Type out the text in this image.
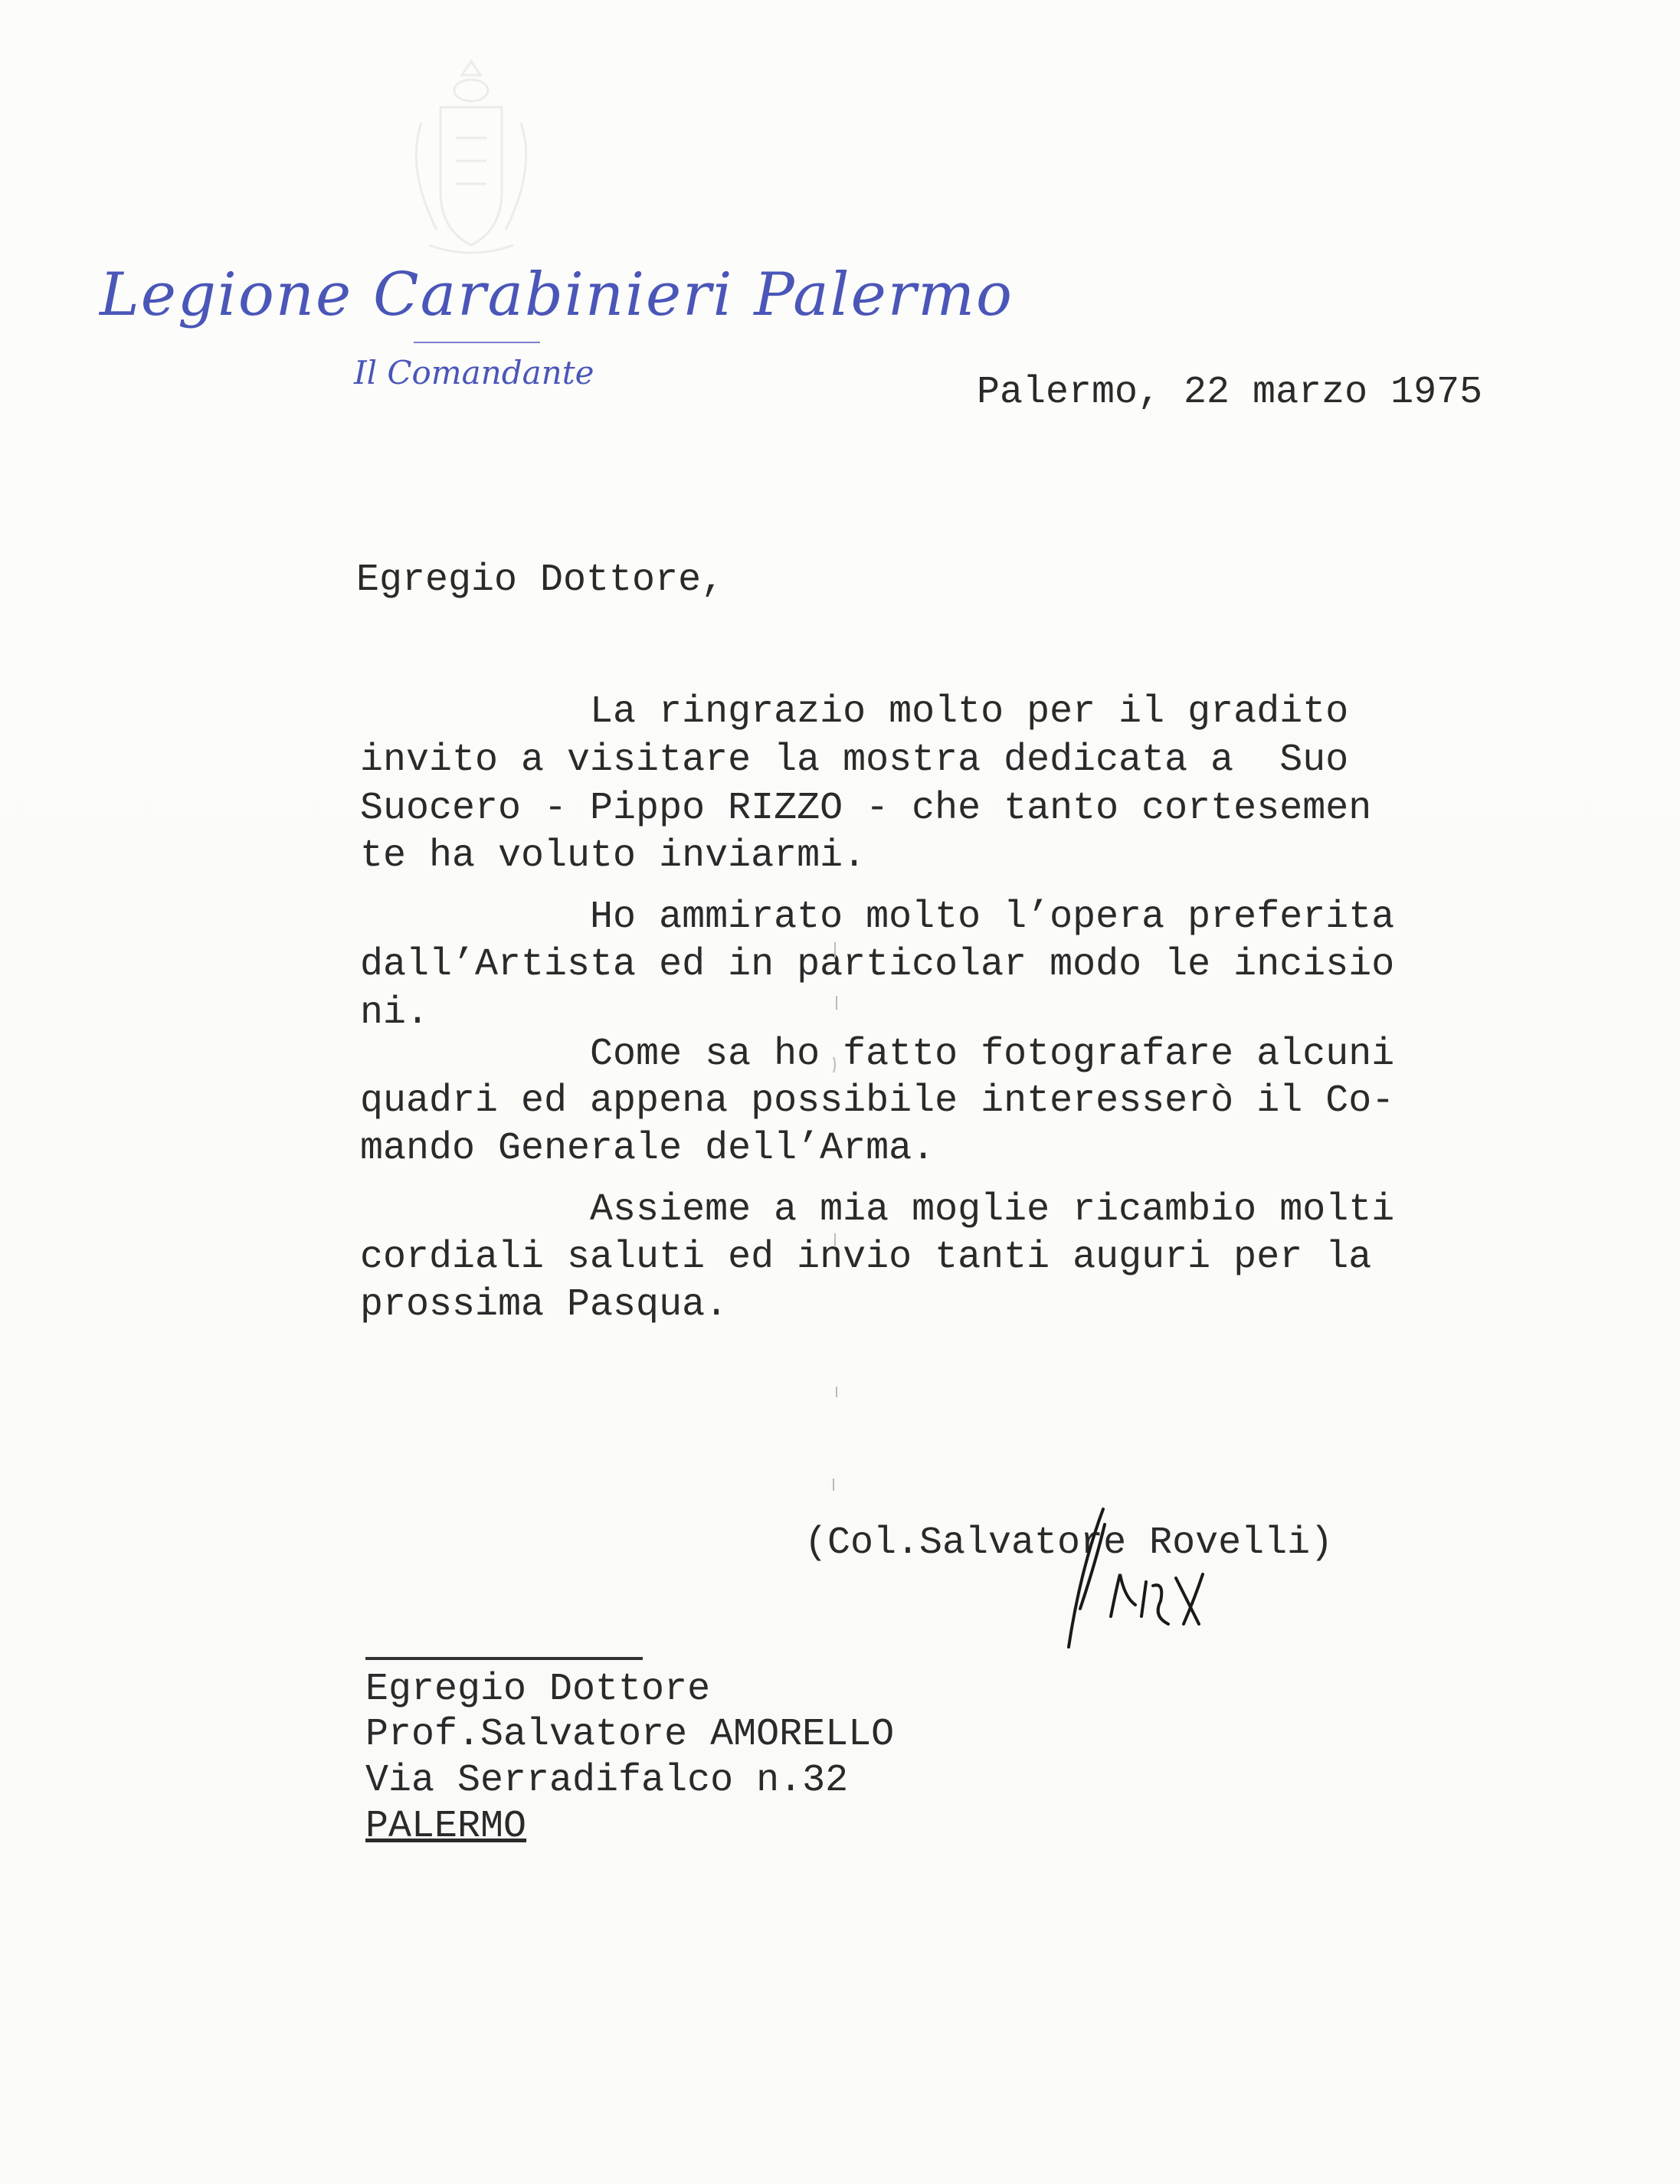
Legione Carabinieri Palermo
Il Comandante	Palermo, 22 marzo 1975
Egregio Dottore,
La ringrazio molto per il gradito
invito a visitare la mostra dedicata a  Suo
Suocero - Pippo RIZZO - che tanto cortesemen
te ha voluto inviarmi.
Ho ammirato molto l’opera preferita
dall’Artista ed in particolar modo le incisio
ni.
Come sa ho fatto fotografare alcuni
quadri ed appena possibile interesserò il Co-
mando Generale dell’Arma.
Assieme a mia moglie ricambio molti
cordiali saluti ed invio tanti auguri per la
prossima Pasqua.
(Col.Salvatore Rovelli)
Egregio Dottore
Prof.Salvatore AMORELLO
Via Serradifalco n.32
PALERMO
